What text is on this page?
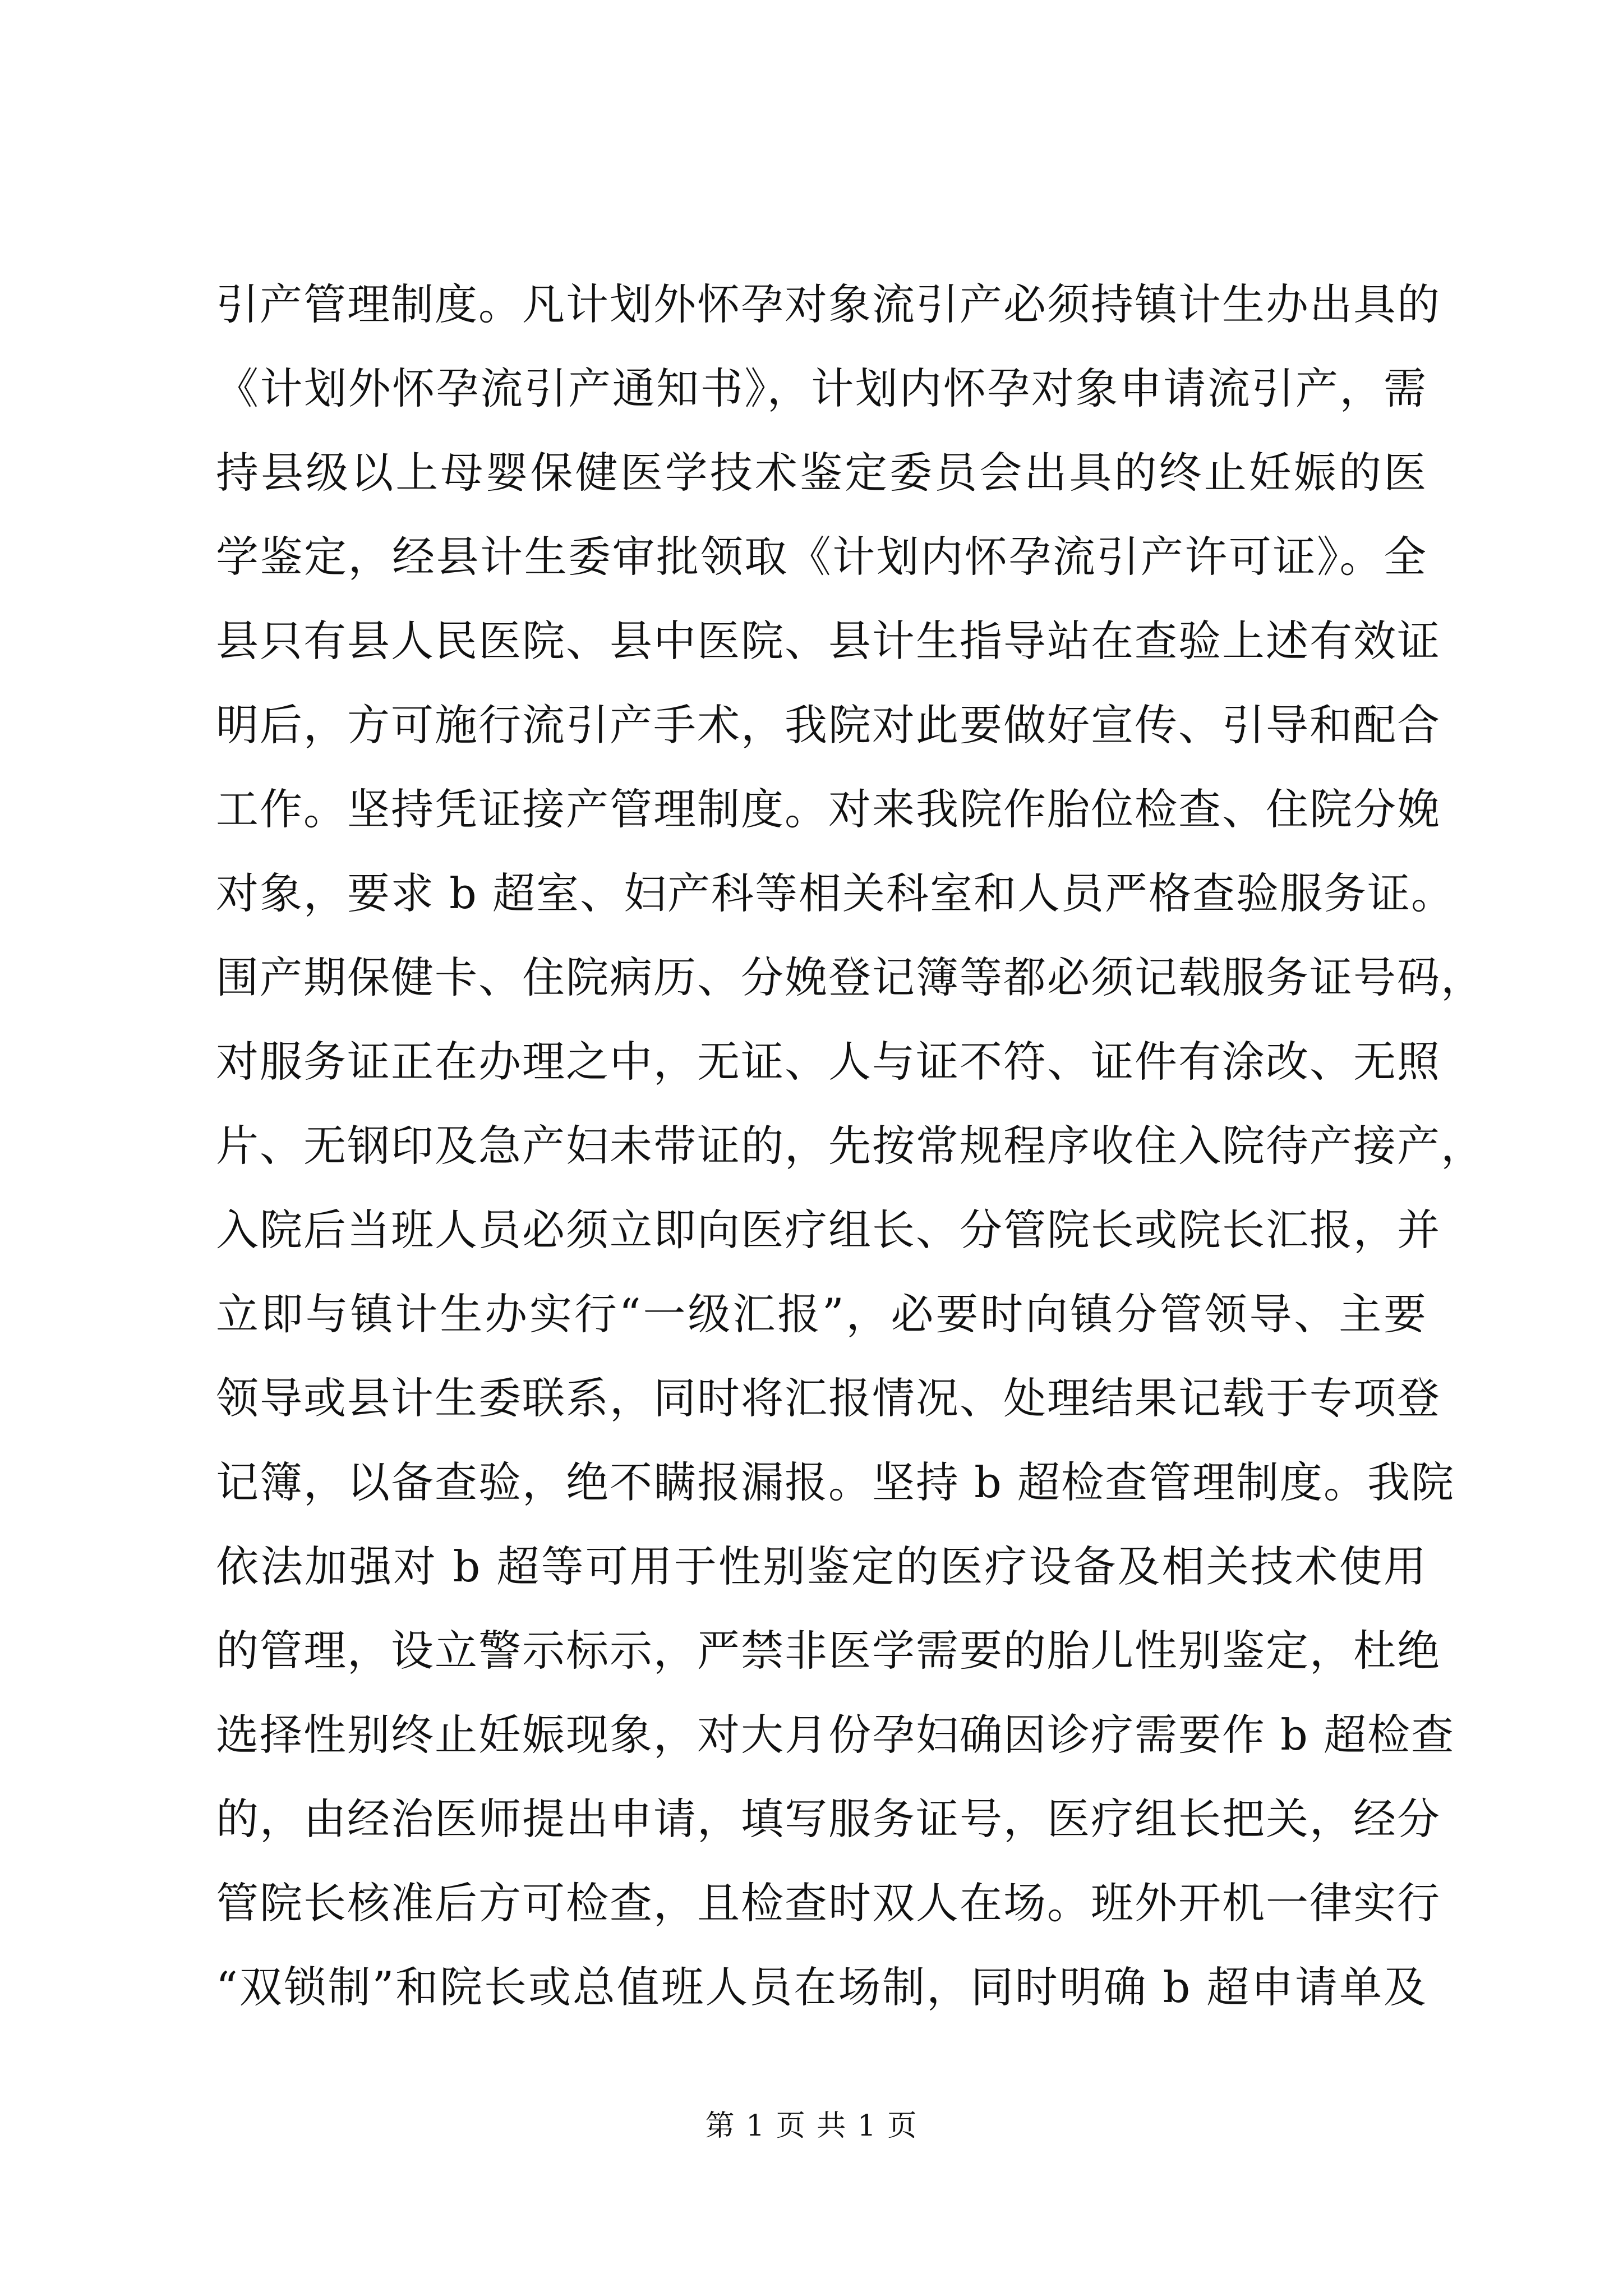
引产管理制度。凡计划外怀孕对象流引产必须持镇计生办出具的
《计划外怀孕流引产通知书》，计划内怀孕对象申请流引产，需
持县级以上母婴保健医学技术鉴定委员会出具的终止妊娠的医
学鉴定，经县计生委审批领取《计划内怀孕流引产许可证》。全
县只有县人民医院、县中医院、县计生指导站在查验上述有效证
明后，方可施行流引产手术，我院对此要做好宣传、引导和配合
工作。坚持凭证接产管理制度。对来我院作胎位检查、住院分娩
对象，要求 b 超室、妇产科等相关科室和人员严格查验服务证。
围产期保健卡、住院病历、分娩登记簿等都必须记载服务证号码，
对服务证正在办理之中，无证、人与证不符、证件有涂改、无照
片、无钢印及急产妇未带证的，先按常规程序收住入院待产接产，
入院后当班人员必须立即向医疗组长、分管院长或院长汇报，并
立即与镇计生办实行“一级汇报”，必要时向镇分管领导、主要
领导或县计生委联系，同时将汇报情况、处理结果记载于专项登
记簿，以备查验，绝不瞒报漏报。坚持 b 超检查管理制度。我院
依法加强对 b 超等可用于性别鉴定的医疗设备及相关技术使用
的管理，设立警示标示，严禁非医学需要的胎儿性别鉴定，杜绝
选择性别终止妊娠现象，对大月份孕妇确因诊疗需要作 b 超检查
的，由经治医师提出申请，填写服务证号，医疗组长把关，经分
管院长核准后方可检查，且检查时双人在场。班外开机一律实行
“双锁制”和院长或总值班人员在场制，同时明确 b 超申请单及
第 1 页 共 1 页
